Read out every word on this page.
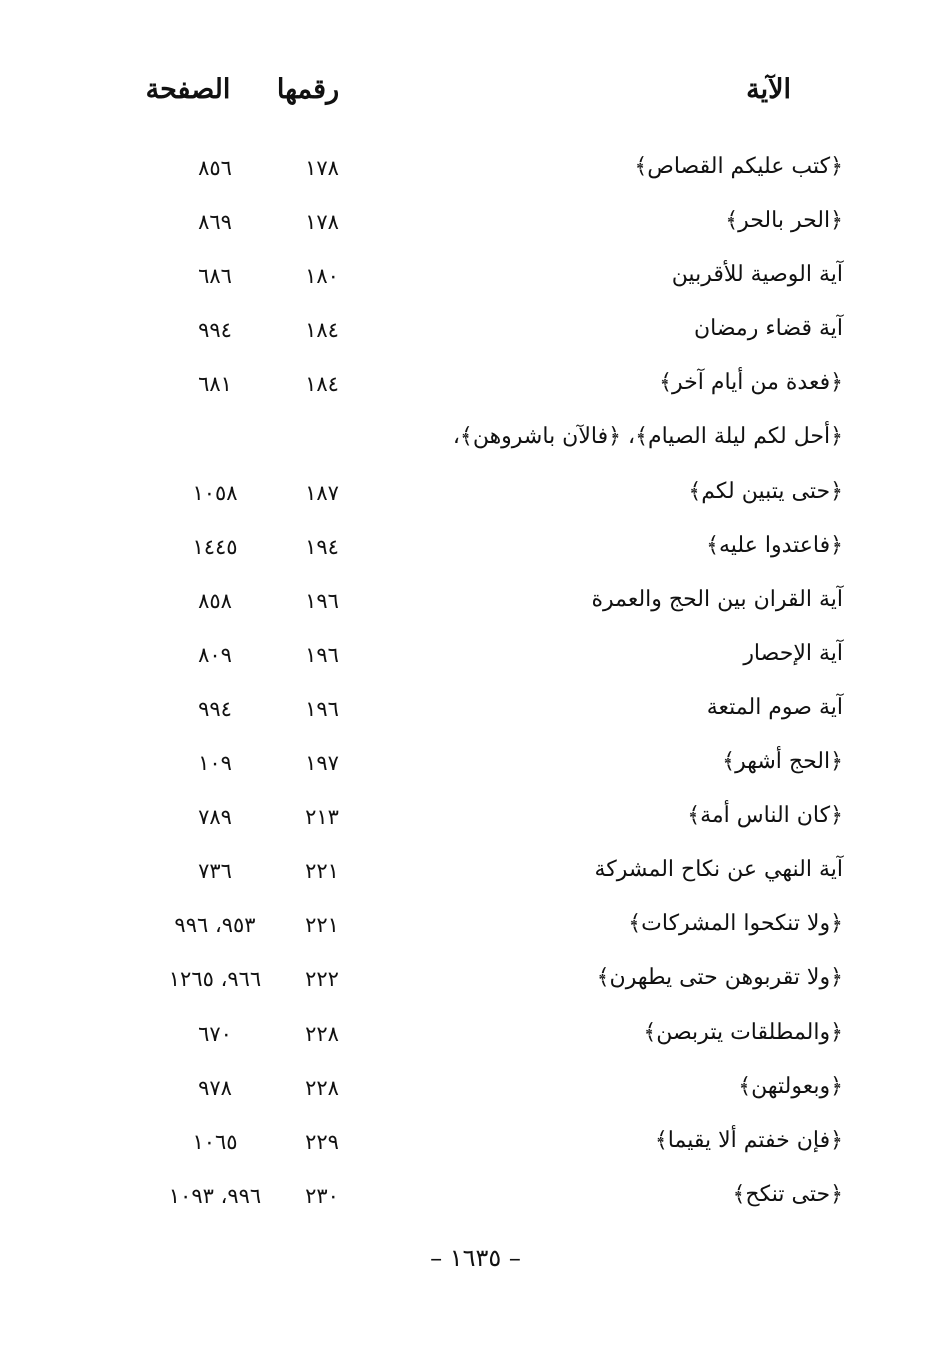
الآية
رقمها
الصفحة
﴿كتب عليكم القصاص﴾
١٧٨
٨٥٦
﴿الحر بالحر﴾
١٧٨
٨٦٩
آية الوصية للأقربين
١٨٠
٦٨٦
آية قضاء رمضان
١٨٤
٩٩٤
﴿فعدة من أيام آخر﴾
١٨٤
٦٨١
﴿أحل لكم ليلة الصيام﴾، ﴿فالآن باشروهن﴾،
﴿حتى يتبين لكم﴾
١٨٧
١٠٥٨
﴿فاعتدوا عليه﴾
١٩٤
١٤٤٥
آية القران بين الحج والعمرة
١٩٦
٨٥٨
آية الإحصار
١٩٦
٨٠٩
آية صوم المتعة
١٩٦
٩٩٤
﴿الحج أشهر﴾
١٩٧
١٠٩
﴿كان الناس أمة﴾
٢١٣
٧٨٩
آية النهي عن نكاح المشركة
٢٢١
٧٣٦
﴿ولا تنكحوا المشركات﴾
٢٢١
٩٥٣، ٩٩٦
﴿ولا تقربوهن حتى يطهرن﴾
٢٢٢
٩٦٦، ١٢٦٥
﴿والمطلقات يتربصن﴾
٢٢٨
٦٧٠
﴿وبعولتهن﴾
٢٢٨
٩٧٨
﴿فإن خفتم ألا يقيما﴾
٢٢٩
١٠٦٥
﴿حتى تنكح﴾
٢٣٠
٩٩٦، ١٠٩٣
– ١٦٣٥ –
